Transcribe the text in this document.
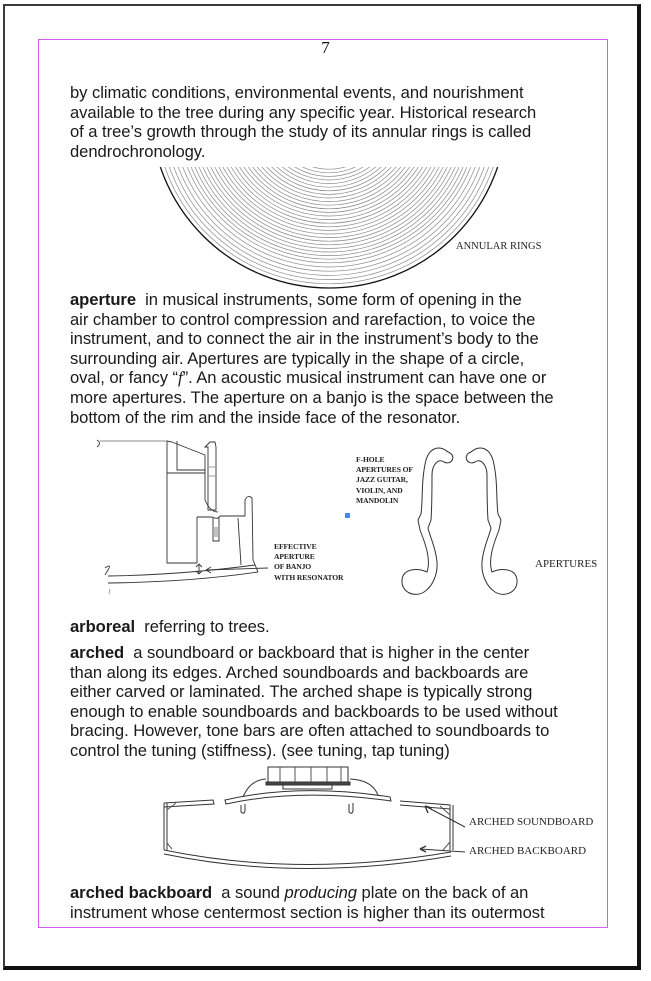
7
by climatic conditions, environmental events, and nourishment
available to the tree during any specific year. Historical research
of a tree’s growth through the study of its annular rings is called
dendrochronology.
ANNULAR RINGS
aperture in musical instruments, some form of opening in the
air chamber to control compression and rarefaction, to voice the
instrument, and to connect the air in the instrument’s body to the
surrounding air. Apertures are typically in the shape of a circle,
oval, or fancy “f”. An acoustic musical instrument can have one or
more apertures. The aperture on a banjo is the space between the
bottom of the rim and the inside face of the resonator.
EFFECTIVE
APERTURE
OF BANJO
WITH RESONATOR
F-HOLE
APERTURES OF
JAZZ GUITAR,
VIOLIN, AND
MANDOLIN
APERTURES
arboreal referring to trees.
arched a soundboard or backboard that is higher in the center
than along its edges. Arched soundboards and backboards are
either carved or laminated. The arched shape is typically strong
enough to enable soundboards and backboards to be used without
bracing. However, tone bars are often attached to soundboards to
control the tuning (stiffness). (see tuning, tap tuning)
ARCHED SOUNDBOARD
ARCHED BACKBOARD
arched backboard a sound producing plate on the back of an
instrument whose centermost section is higher than its outermost
